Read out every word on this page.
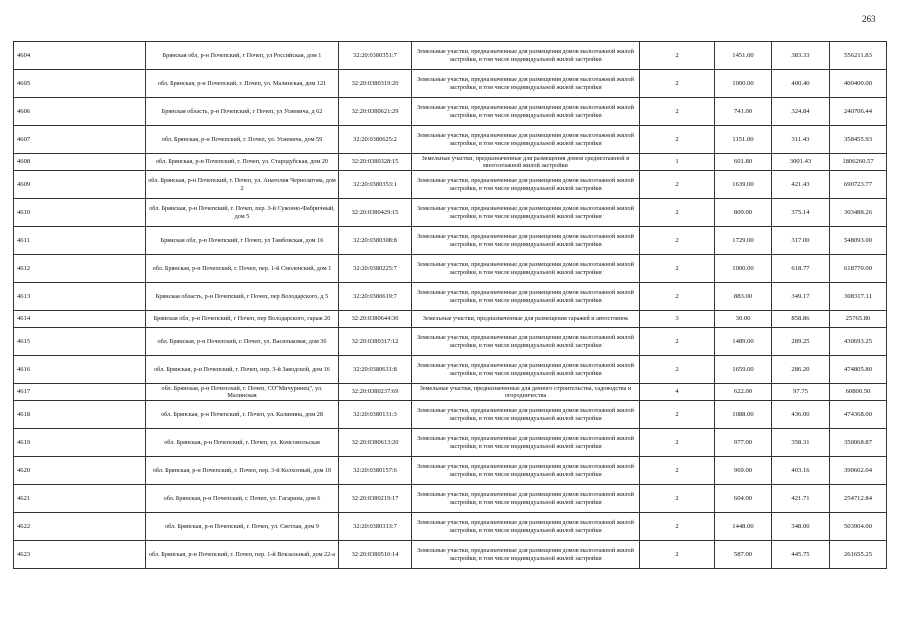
263
4604	Брянская обл, р-н Почепский, г Почеп, ул Российская, дом 1	32:20:0380351:7	Земельные участки, предназначенные для размещения домов малоэтажной жилой застройки, в том числе индивидуальной жилой застройки	2	1451.00	383.33	556211.83
4605	обл. Брянская, р-н Почепский, г. Почеп, ул. Малинская, дом 121	32:20:0380319:20	Земельные участки, предназначенные для размещения домов малоэтажной жилой застройки, в том числе индивидуальной жилой застройки	2	1000.00	400.40	400400.00
4606	Брянская область, р-н Почепский, г Почеп, ул Усиевича, д 62	32:20:0380621:29	Земельные участки, предназначенные для размещения домов малоэтажной жилой застройки, в том числе индивидуальной жилой застройки	2	741.00	324.84	240706.44
4607	обл. Брянская, р-н Почепский, г. Почеп, ул. Усиевича, дом 59	32:20:0380625:2	Земельные участки, предназначенные для размещения домов малоэтажной жилой застройки, в том числе индивидуальной жилой застройки	2	1151.00	311.43	358455.93
4608	обл. Брянская, р-н Почепский, г. Почеп, ул. Стародубская, дом 20	32:20:0380328:15	Земельные участки, предназначенные для размещения домов среднеэтажной и многоэтажной жилой застройки	1	601.80	3001.43	1806260.57
4609	обл. Брянская, р-н Почепский, г. Почеп, ул. Анатолия Чернозатова, дом 2	32:20:0380353:1	Земельные участки, предназначенные для размещения домов малоэтажной жилой застройки, в том числе индивидуальной жилой застройки	2	1639.00	421.43	690723.77
4610	обл. Брянская, р-н Почепский, г. Почеп, пер. 3-й Суконно-Фабричный, дом 5	32:20:0380429:15	Земельные участки, предназначенные для размещения домов малоэтажной жилой застройки, в том числе индивидуальной жилой застройки	2	809.00	375.14	303488.26
4611	Брянская обл, р-н Почепский, г Почеп, ул Тамбовская, дом 16	32:20:0380308:8	Земельные участки, предназначенные для размещения домов малоэтажной жилой застройки, в том числе индивидуальной жилой застройки	2	1729.00	317.00	548093.00
4612	обл. Брянская, р-н Почепский, г. Почеп, пер. 1-й Смоленский, дом 1	32:20:0380225:7	Земельные участки, предназначенные для размещения домов малоэтажной жилой застройки, в том числе индивидуальной жилой застройки	2	1000.00	618.77	618770.00
4613	Брянская область, р-н Почепский, г Почеп, пер Володарского, д 5	32:20:0380619:7	Земельные участки, предназначенные для размещения домов малоэтажной жилой застройки, в том числе индивидуальной жилой застройки	2	883.00	349.17	308317.11
4614	Брянская обл, р-н Почепский, г Почеп, пер Володарского, гараж 20	32:20:0380644:30	Земельные участки, предназначенные для размещения гаражей и автостоянок	3	30.00	858.86	25765.80
4615	обл. Брянская, р-н Почепский, г. Почеп, ул. Васильковая, дом 36	32:20:0380317:12	Земельные участки, предназначенные для размещения домов малоэтажной жилой застройки, в том числе индивидуальной жилой застройки	2	1489.00	289.25	430693.25
4616	обл. Брянская, р-н Почепский, г. Почеп, пер. 3-й Заводской, дом 16	32:20:0380631:8	Земельные участки, предназначенные для размещения домов малоэтажной жилой застройки, в том числе индивидуальной жилой застройки	2	1659.00	286.20	474805.80
4617	обл. Брянская, р-н Почепский, г. Почеп, СО"Мичуринец", ул. Малинская	32:20:0380237:69	Земельные участки, предназначенные для дачного строительства, садоводства и огородничества	4	622.00	97.75	60800.50
4618	обл. Брянская, р-н Почепский, г. Почеп, ул. Калинина, дом 28	32:20:0380131:3	Земельные участки, предназначенные для размещения домов малоэтажной жилой застройки, в том числе индивидуальной жилой застройки	2	1088.00	436.00	474368.00
4619	обл. Брянская, р-н Почепский, г. Почеп, ул. Комсомольская	32:20:0380613:20	Земельные участки, предназначенные для размещения домов малоэтажной жилой застройки, в том числе индивидуальной жилой застройки	2	977.00	358.31	350068.87
4620	обл. Брянская, р-н Почепский, г. Почеп, пер. 3-й Колхозный, дом 10	32:20:0380157:6	Земельные участки, предназначенные для размещения домов малоэтажной жилой застройки, в том числе индивидуальной жилой застройки	2	969.00	403.16	390662.04
4621	обл. Брянская, р-н Почепский, г. Почеп, ул. Гагарина, дом 6	32:20:0380219:17	Земельные участки, предназначенные для размещения домов малоэтажной жилой застройки, в том числе индивидуальной жилой застройки	2	604.00	421.71	254712.84
4622	обл. Брянская, р-н Почепский, г. Почеп, ул. Светлая, дом 9	32:20:0380313:7	Земельные участки, предназначенные для размещения домов малоэтажной жилой застройки, в том числе индивидуальной жилой застройки	2	1448.00	348.00	503904.00
4623	обл. Брянская, р-н Почепский, г. Почеп, пер. 1-й Вокзальный, дом 22-а	32:20:0380510:14	Земельные участки, предназначенные для размещения домов малоэтажной жилой застройки, в том числе индивидуальной жилой застройки	2	587.00	445.75	261655.25
